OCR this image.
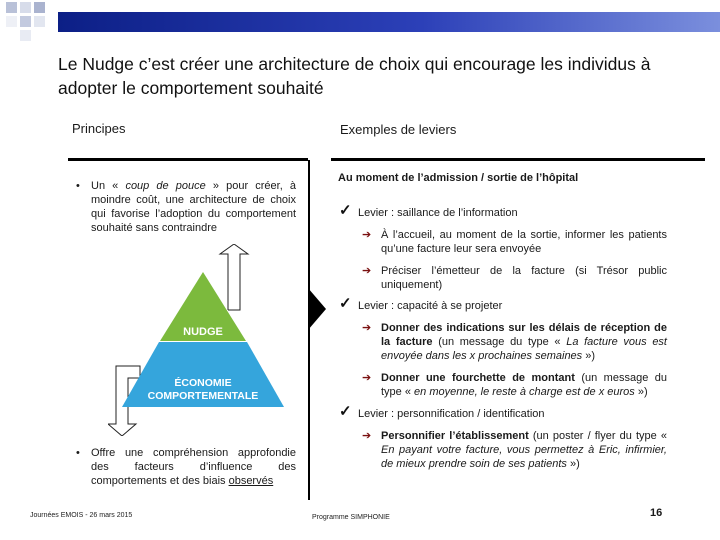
Le Nudge c’est créer une architecture de choix qui encourage les individus à adopter le comportement souhaité
Principes	Exemples de leviers
• Un « coup de pouce » pour créer, à moindre coût, une architecture de choix qui favorise l’adoption du comportement souhaité sans contraindre
NUDGE
ÉCONOMIE
COMPORTEMENTALE
• Offre une compréhension approfondie des facteurs d’influence des comportements et des biais observés
Au moment de l’admission / sortie de l’hôpital
✓ Levier : saillance de l’information
➔ À l’accueil, au moment de la sortie, informer les patients qu’une facture leur sera envoyée
➔ Préciser l’émetteur de la facture (si Trésor public uniquement)
✓ Levier : capacité à se projeter
➔ Donner des indications sur les délais de réception de la facture (un message du type « La facture vous est envoyée dans les x prochaines semaines »)
➔ Donner une fourchette de montant (un message du type « en moyenne, le reste à charge est de x euros »)
✓ Levier : personnification / identification
➔ Personnifier l’établissement (un poster / flyer du type « En payant votre facture, vous permettez à Eric, infirmier, de mieux prendre soin de ses patients »)
Journées EMOIS - 26 mars 2015	Programme SIMPHONIE	16
